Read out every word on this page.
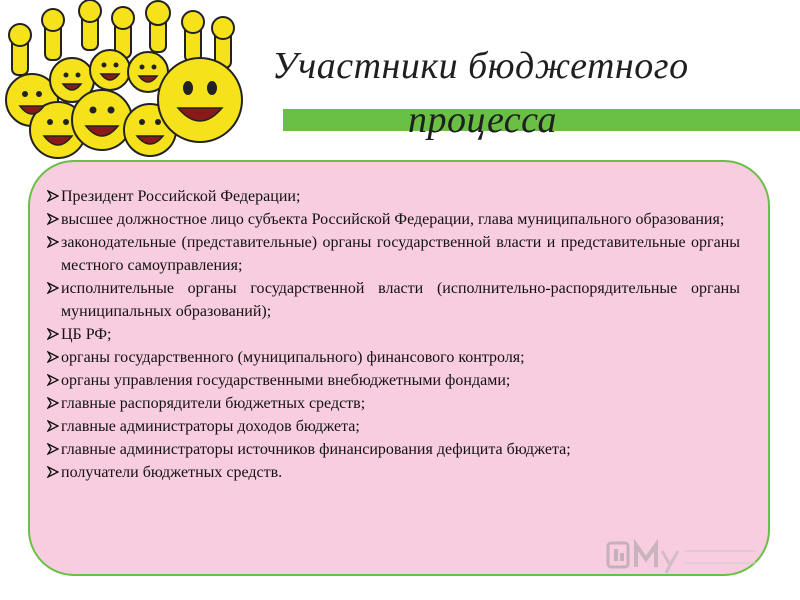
Участники бюджетного
процесса
Президент Российской Федерации;
высшее должностное лицо субъекта Российской Федерации, глава муниципального образования;
законодательные (представительные) органы государственной власти и представительные органы местного самоуправления;
исполнительные органы государственной власти (исполнительно-распорядительные органы муниципальных образований);
ЦБ РФ;
органы государственного (муниципального) финансового контроля;
органы управления государственными внебюджетными фондами;
главные распорядители бюджетных средств;
главные администраторы доходов бюджета;
главные администраторы источников финансирования дефицита бюджета;
получатели бюджетных средств.
